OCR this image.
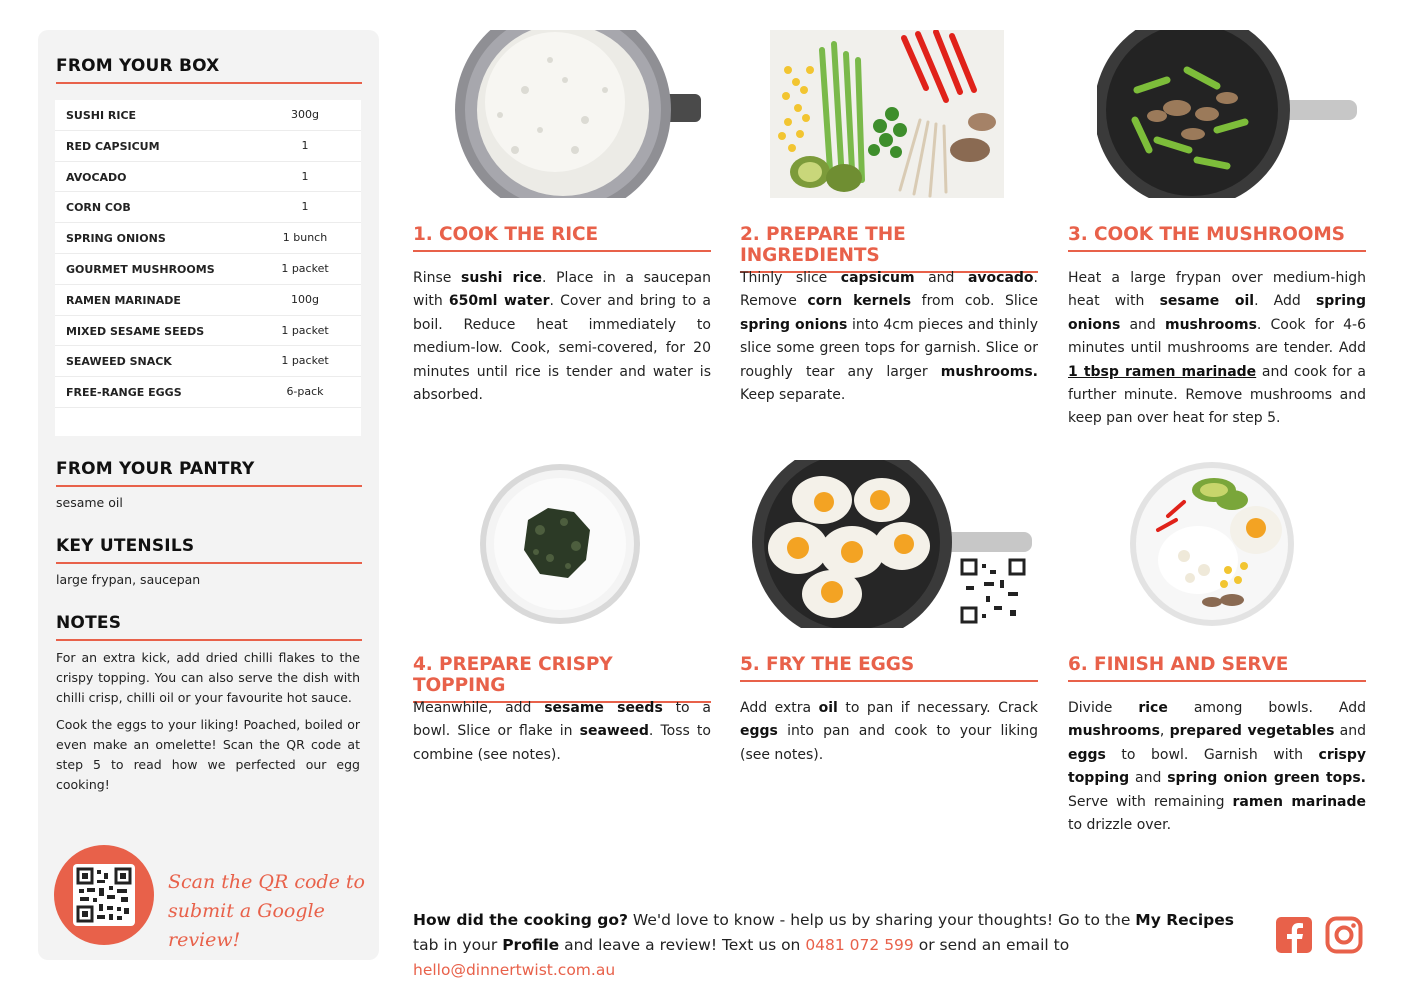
FROM YOUR BOX
SUSHI RICE	300g
RED CAPSICUM	1
AVOCADO	1
CORN COB	1
SPRING ONIONS	1 bunch
GOURMET MUSHROOMS	1 packet
RAMEN MARINADE	100g
MIXED SESAME SEEDS	1 packet
SEAWEED SNACK	1 packet
FREE-RANGE EGGS	6-pack
FROM YOUR PANTRY
sesame oil
KEY UTENSILS
large frypan, saucepan
NOTES

For an extra kick, add dried chilli flakes to the crispy topping. You can also serve the dish with chilli crisp, chilli oil or your favourite hot sauce.

Cook the eggs to your liking! Poached, boiled or even make an omelette! Scan the QR code at step 5 to read how we perfected our egg cooking!

Scan the QR code to
submit a Google review!
1. COOK THE RICE
Rinse sushi rice. Place in a saucepan with 650ml water. Cover and bring to a boil. Reduce heat immediately to medium-low. Cook, semi-covered, for 20 minutes until rice is tender and water is absorbed.
2. PREPARE THE INGREDIENTS
Thinly slice capsicum and avocado. Remove corn kernels from cob. Slice spring onions into 4cm pieces and thinly slice some green tops for garnish. Slice or roughly tear any larger mushrooms. Keep separate.
3. COOK THE MUSHROOMS
Heat a large frypan over medium-high heat with sesame oil. Add spring onions and mushrooms. Cook for 4-6 minutes until mushrooms are tender. Add 1 tbsp ramen marinade and cook for a further minute. Remove mushrooms and keep pan over heat for step 5.
4. PREPARE CRISPY TOPPING
Meanwhile, add sesame seeds to a bowl. Slice or flake in seaweed. Toss to combine (see notes).
5. FRY THE EGGS
Add extra oil to pan if necessary. Crack eggs into pan and cook to your liking (see notes).
6. FINISH AND SERVE
Divide rice among bowls. Add mushrooms, prepared vegetables and eggs to bowl. Garnish with crispy topping and spring onion green tops. Serve with remaining ramen marinade to drizzle over.
How did the cooking go? We'd love to know - help us by sharing your thoughts! Go to the My Recipes tab in your Profile and leave a review! Text us on 0481 072 599 or send an email to hello@dinnertwist.com.au
